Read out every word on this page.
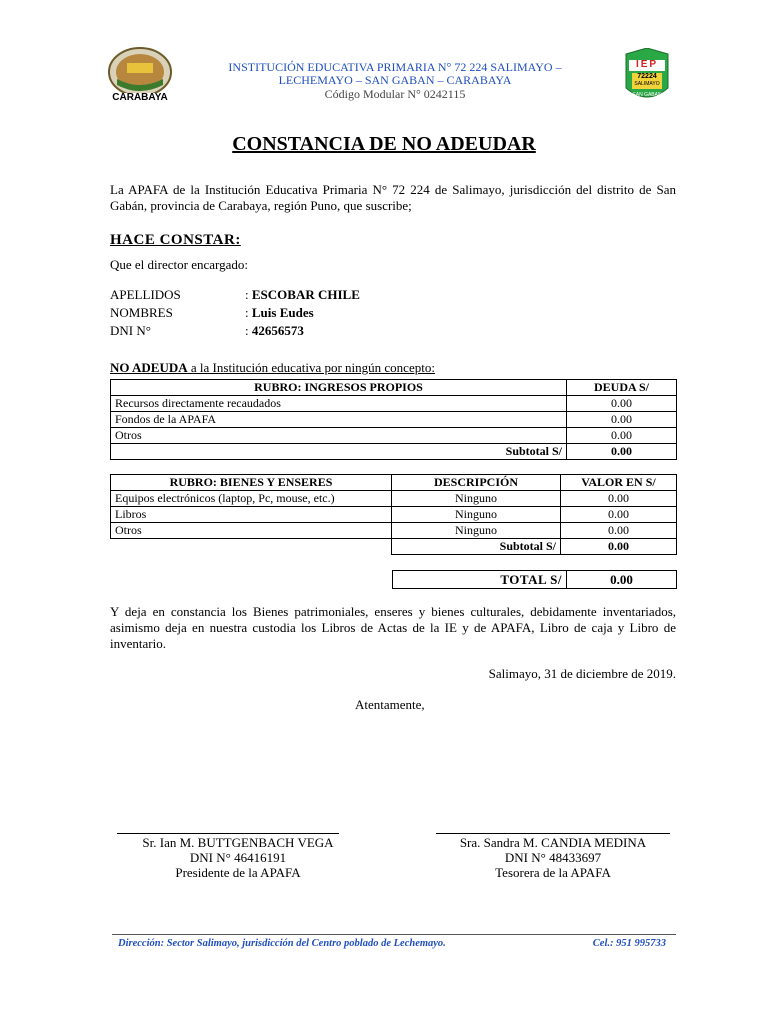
CARABAYA
IEP
72224
SALIMAYO
SAN GABAN
INSTITUCIÓN EDUCATIVA PRIMARIA N° 72 224 SALIMAYO –
LECHEMAYO – SAN GABAN – CARABAYA
Código Modular N° 0242115
CONSTANCIA DE NO ADEUDAR
La APAFA de la Institución Educativa Primaria N° 72 224 de Salimayo, jurisdicción del distrito de San Gabán, provincia de Carabaya, región Puno, que suscribe;
HACE CONSTAR:
Que el director encargado:
APELLIDOS	: ESCOBAR CHILE
NOMBRES	: Luis Eudes
DNI N°	: 42656573
NO ADEUDA a la Institución educativa por ningún concepto:
RUBRO: INGRESOS PROPIOS	DEUDA S/
Recursos directamente recaudados	0.00
Fondos de la APAFA	0.00
Otros	0.00
Subtotal S/	0.00
RUBRO: BIENES Y ENSERES	DESCRIPCIÓN	VALOR EN S/
Equipos electrónicos (laptop, Pc, mouse, etc.)	Ninguno	0.00
Libros	Ninguno	0.00
Otros	Ninguno	0.00
	Subtotal S/	0.00
TOTAL S/	0.00
Y deja en constancia los Bienes patrimoniales, enseres y bienes culturales, debidamente inventariados, asimismo deja en nuestra custodia los Libros de Actas de la IE y de APAFA, Libro de caja y Libro de inventario.
Salimayo, 31 de diciembre de 2019.
Atentamente,
Sr. Ian M. BUTTGENBACH VEGA
DNI N° 46416191
Presidente de la APAFA
Sra. Sandra M. CANDIA MEDINA
DNI N° 48433697
Tesorera de la APAFA
Dirección: Sector Salimayo, jurisdicción del Centro poblado de Lechemayo.	Cel.: 951 995733
